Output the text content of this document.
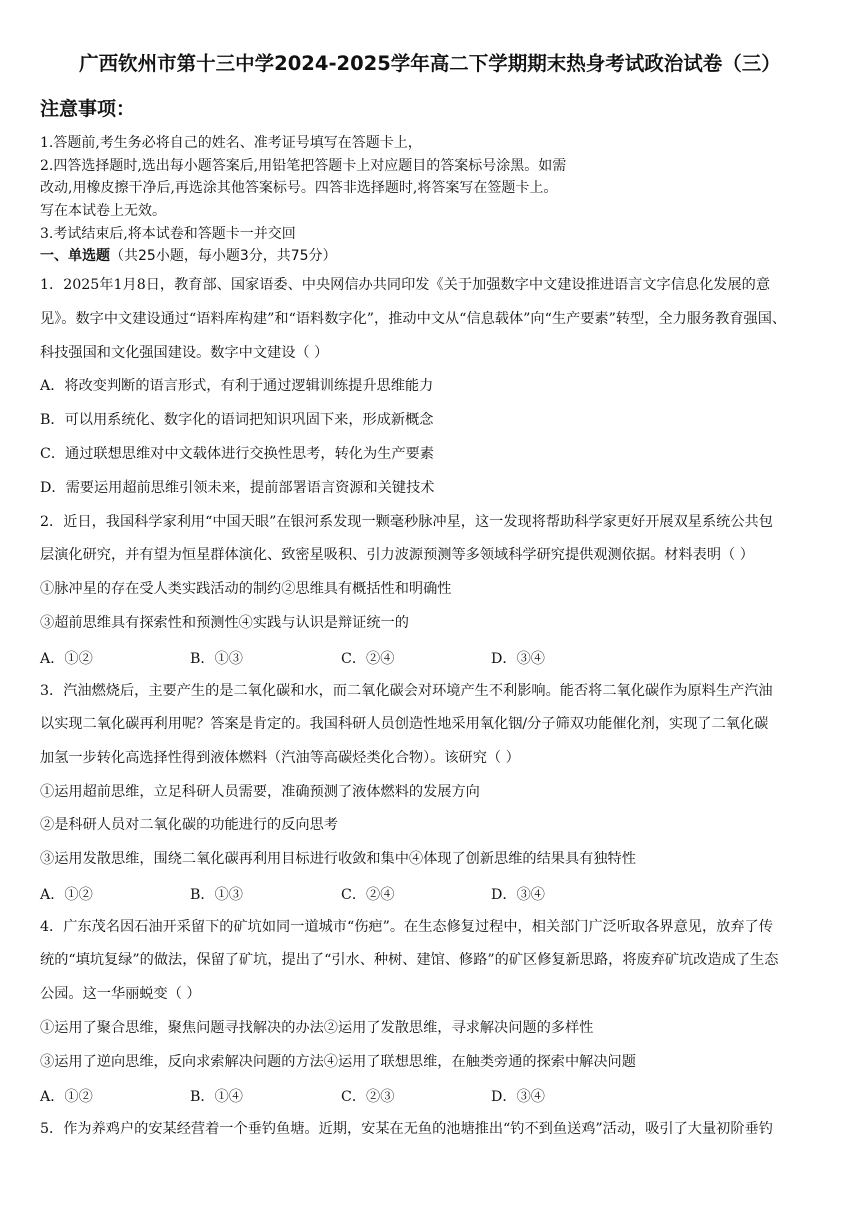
广西钦州市第十三中学2024-2025学年高二下学期期末热身考试政治试卷（三）
注意事项：
1.答题前,考生务必将自己的姓名、准考证号填写在答题卡上，
2.四答选择题时,选出每小题答案后,用铅笔把答题卡上对应题目的答案标号涂黑。如需
改动,用橡皮擦干净后,再选涂其他答案标号。四答非选择题时,将答案写在签题卡上。
写在本试卷上无效。
3.考试结束后,将本试卷和答题卡一并交回
一、单选题（共25小题，每小题3分，共75分）
1．2025年1月8日，教育部、国家语委、中央网信办共同印发《关于加强数字中文建设推进语言文字信息化发展的意
见》。数字中文建设通过“语料库构建”和“语料数字化”，推动中文从“信息载体”向“生产要素”转型，全力服务教育强国、
科技强国和文化强国建设。数字中文建设（ ）
A．将改变判断的语言形式，有利于通过逻辑训练提升思维能力
B．可以用系统化、数字化的语词把知识巩固下来，形成新概念
C．通过联想思维对中文载体进行交换性思考，转化为生产要素
D．需要运用超前思维引领未来，提前部署语言资源和关键技术
2．近日，我国科学家利用“中国天眼”在银河系发现一颗毫秒脉冲星，这一发现将帮助科学家更好开展双星系统公共包
层演化研究，并有望为恒星群体演化、致密星吸积、引力波源预测等多领域科学研究提供观测依据。材料表明（ ）
①脉冲星的存在受人类实践活动的制约②思维具有概括性和明确性
③超前思维具有探索性和预测性④实践与认识是辩证统一的
A．①②	B．①③	C．②④	D．③④
3．汽油燃烧后，主要产生的是二氧化碳和水，而二氧化碳会对环境产生不利影响。能否将二氧化碳作为原料生产汽油
以实现二氧化碳再利用呢？答案是肯定的。我国科研人员创造性地采用氧化铟/分子筛双功能催化剂，实现了二氧化碳
加氢一步转化高选择性得到液体燃料（汽油等高碳烃类化合物）。该研究（ ）
①运用超前思维，立足科研人员需要，准确预测了液体燃料的发展方向
②是科研人员对二氧化碳的功能进行的反向思考
③运用发散思维，围绕二氧化碳再利用目标进行收敛和集中④体现了创新思维的结果具有独特性
A．①②	B．①③	C．②④	D．③④
4．广东茂名因石油开采留下的矿坑如同一道城市“伤疤”。在生态修复过程中，相关部门广泛听取各界意见，放弃了传
统的“填坑复绿”的做法，保留了矿坑，提出了“引水、种树、建馆、修路”的矿区修复新思路，将废弃矿坑改造成了生态
公园。这一华丽蜕变（ ）
①运用了聚合思维，聚焦问题寻找解决的办法②运用了发散思维，寻求解决问题的多样性
③运用了逆向思维，反向求索解决问题的方法④运用了联想思维，在触类旁通的探索中解决问题
A．①②	B．①④	C．②③	D．③④
5．作为养鸡户的安某经营着一个垂钓鱼塘。近期，安某在无鱼的池塘推出“钓不到鱼送鸡”活动，吸引了大量初阶垂钓
